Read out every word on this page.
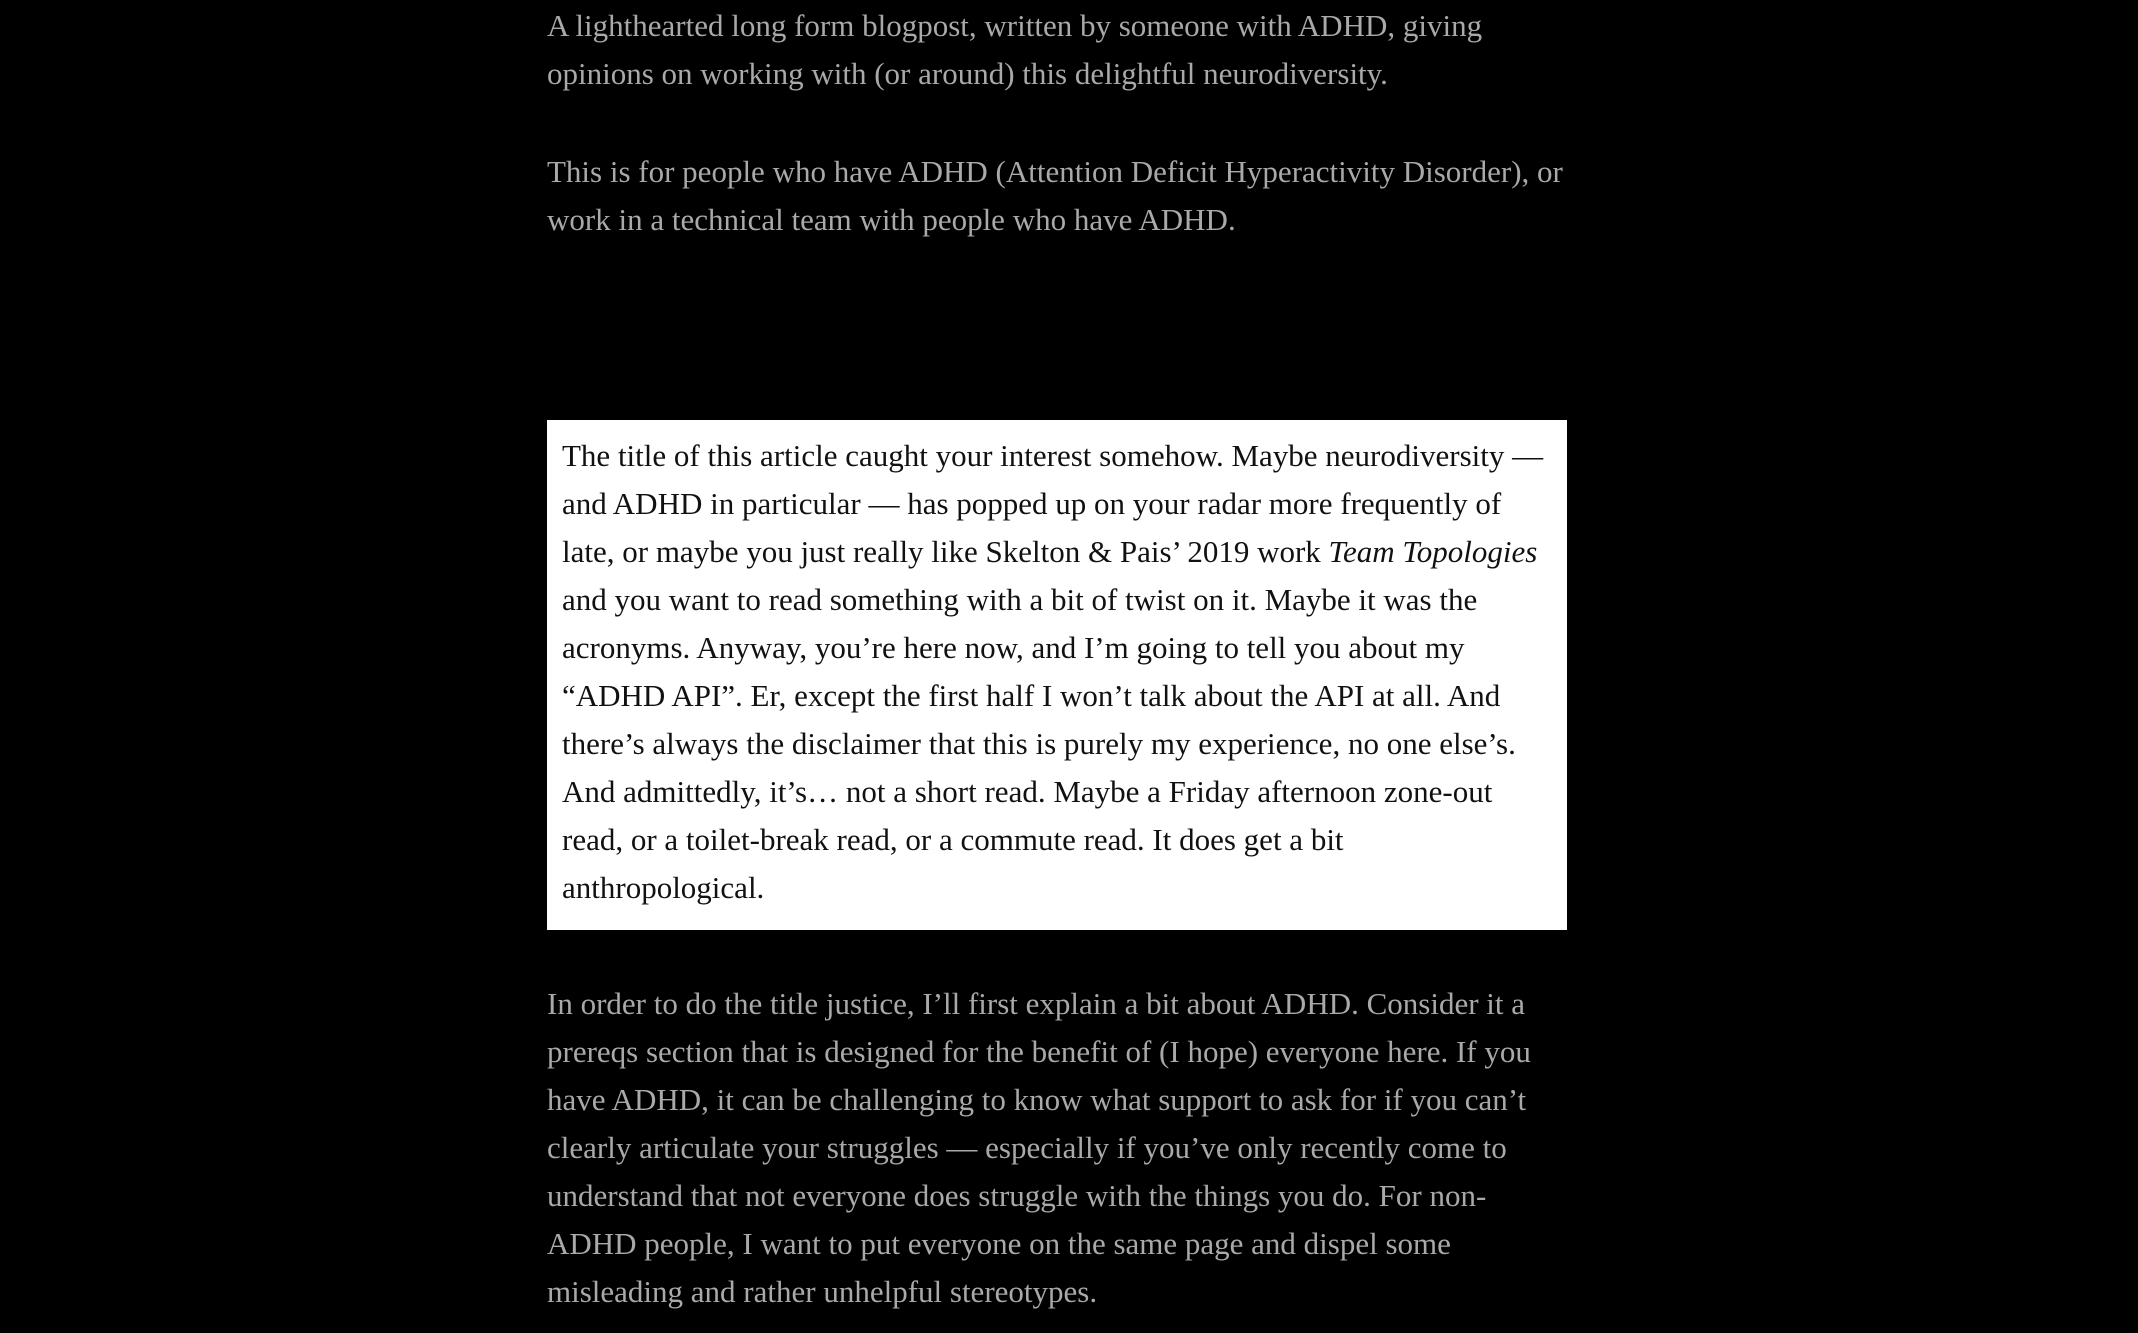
A lighthearted long form blogpost, written by someone with ADHD, giving opinions on working with (or around) this delightful neurodiversity.

This is for people who have ADHD (Attention Deficit Hyperactivity Disorder), or work in a technical team with people who have ADHD.

The title of this article caught your interest somehow. Maybe neurodiversity — and ADHD in particular — has popped up on your radar more frequently of late, or maybe you just really like Skelton & Pais’ 2019 work Team Topologies and you want to read something with a bit of twist on it. Maybe it was the acronyms. Anyway, you’re here now, and I’m going to tell you about my “ADHD API”. Er, except the first half I won’t talk about the API at all. And there’s always the disclaimer that this is purely my experience, no one else’s. And admittedly, it’s… not a short read. Maybe a Friday afternoon zone-out read, or a toilet-break read, or a commute read. It does get a bit anthropological.

In order to do the title justice, I’ll first explain a bit about ADHD. Consider it a prereqs section that is designed for the benefit of (I hope) everyone here. If you have ADHD, it can be challenging to know what support to ask for if you can’t clearly articulate your struggles — especially if you’ve only recently come to understand that not everyone does struggle with the things you do. For non-ADHD people, I want to put everyone on the same page and dispel some misleading and rather unhelpful stereotypes.
